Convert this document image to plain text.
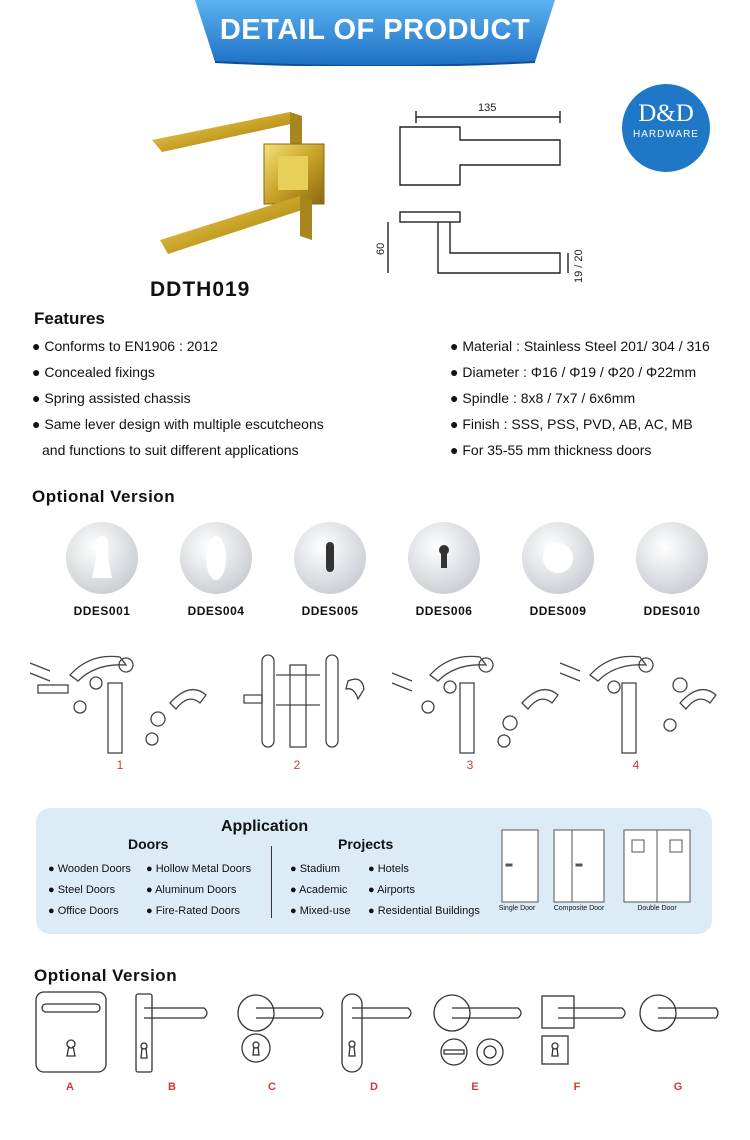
DETAIL OF PRODUCT
D&D
HARDWARE
DDTH019
135
60
19 / 20
Features
● Conforms to EN1906 : 2012
● Concealed fixings
● Spring assisted chassis
● Same lever design with multiple escutcheons
and functions to suit different applications
● Material : Stainless Steel 201/ 304 / 316
● Diameter : Φ16 / Φ19 / Φ20 / Φ22mm
● Spindle : 8x8 / 7x7 / 6x6mm
● Finish : SSS, PSS, PVD, AB, AC, MB
● For 35-55 mm thickness doors
Optional Version
DDES001	DDES004	DDES005	DDES006	DDES009	DDES010
1	2	3	4
Application
Doors	Projects
● Wooden Doors ● Hollow Metal Doors
● Steel Doors	● Aluminum Doors
● Office Doors ● Fire-Rated Doors
● Stadium	● Hotels
● Academic ● Airports
● Mixed-use ● Residential Buildings	Single Door	Composite Door	Double Door
Optional Version
A	B	C	D	E	F	G
